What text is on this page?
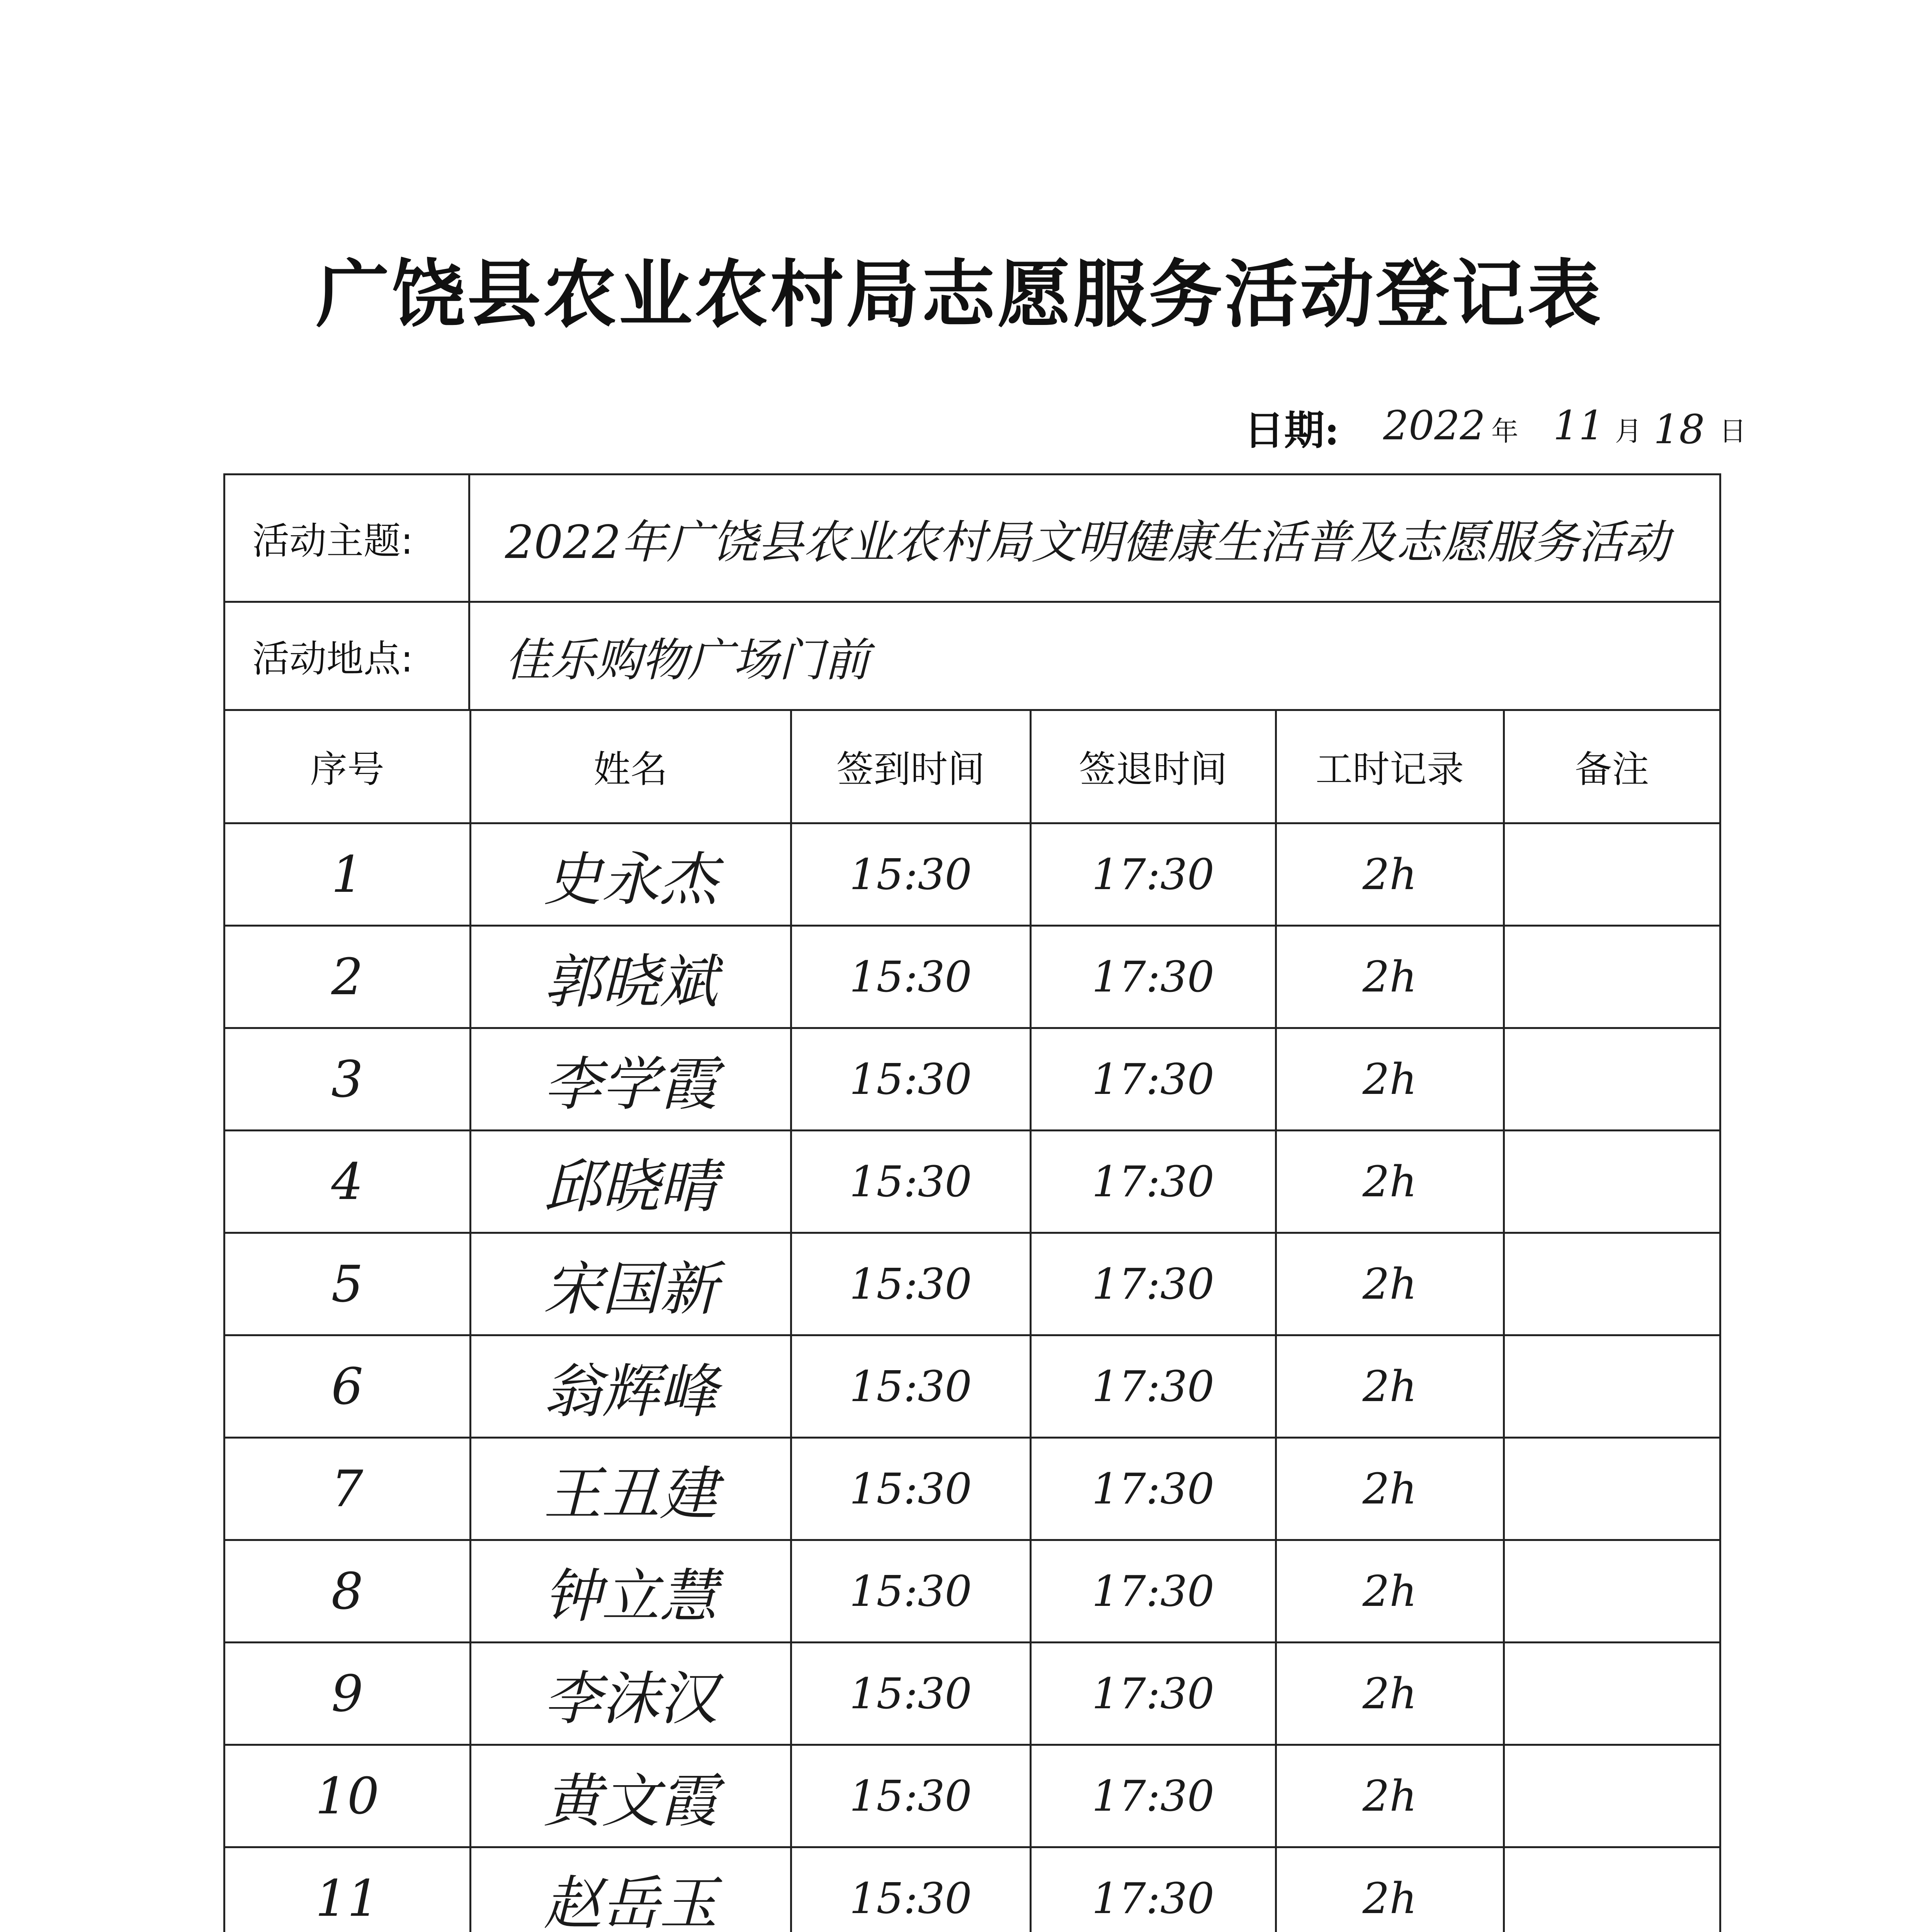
广饶县农业农村局志愿服务活动登记表
日期: 2022 年 11 月 18 日
活动主题:	2022年广饶县农业农村局文明健康生活普及志愿服务活动
活动地点:	佳乐购物广场门前
序号	姓名	签到时间	签退时间	工时记录	备注
1	史永杰	15:30	17:30	2h	
2	郭晓斌	15:30	17:30	2h	
3	李学霞	15:30	17:30	2h	
4	邱晓晴	15:30	17:30	2h	
5	宋国新	15:30	17:30	2h	
6	翁辉峰	15:30	17:30	2h	
7	王丑建	15:30	17:30	2h	
8	钟立慧	15:30	17:30	2h	
9	李沫汉	15:30	17:30	2h	
10	黄文霞	15:30	17:30	2h	
11	赵岳玉	15:30	17:30	2h	
